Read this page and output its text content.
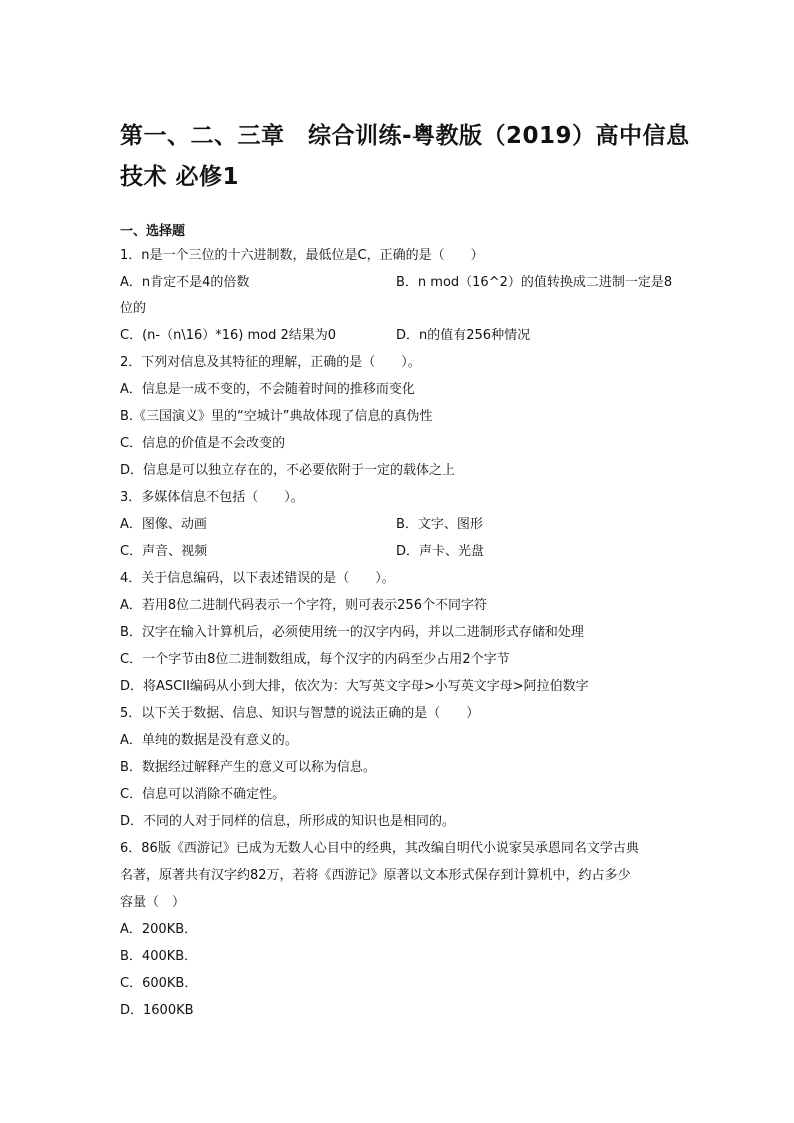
第一、二、三章　综合训练-粤教版（2019）高中信息
技术 必修1
一、选择题
1．n是一个三位的十六进制数，最低位是C，正确的是（　　）
A．n肯定不是4的倍数	B．n mod（16^2）的值转换成二进制一定是8
位的
C．(n-（n\16）*16) mod 2结果为0	D．n的值有256种情况
2．下列对信息及其特征的理解，正确的是（　　）。
A．信息是一成不变的，不会随着时间的推移而变化
B.《三国演义》里的“空城计”典故体现了信息的真伪性
C．信息的价值是不会改变的
D．信息是可以独立存在的，不必要依附于一定的载体之上
3．多媒体信息不包括（　　）。
A．图像、动画	B．文字、图形
C．声音、视频	D．声卡、光盘
4．关于信息编码，以下表述错误的是（　　）。
A．若用8位二进制代码表示一个字符，则可表示256个不同字符
B．汉字在输入计算机后，必须使用统一的汉字内码，并以二进制形式存储和处理
C．一个字节由8位二进制数组成，每个汉字的内码至少占用2个字节
D．将ASCII编码从小到大排，依次为：大写英文字母>小写英文字母>阿拉伯数字
5．以下关于数据、信息、知识与智慧的说法正确的是（　　）
A．单纯的数据是没有意义的。
B．数据经过解释产生的意义可以称为信息。
C．信息可以消除不确定性。
D．不同的人对于同样的信息，所形成的知识也是相同的。
6．86版《西游记》已成为无数人心目中的经典，其改编自明代小说家吴承恩同名文学古典
名著，原著共有汉字约82万，若将《西游记》原著以文本形式保存到计算机中，约占多少
容量（　）
A．200KB．
B．400KB．
C．600KB．
D．1600KB
